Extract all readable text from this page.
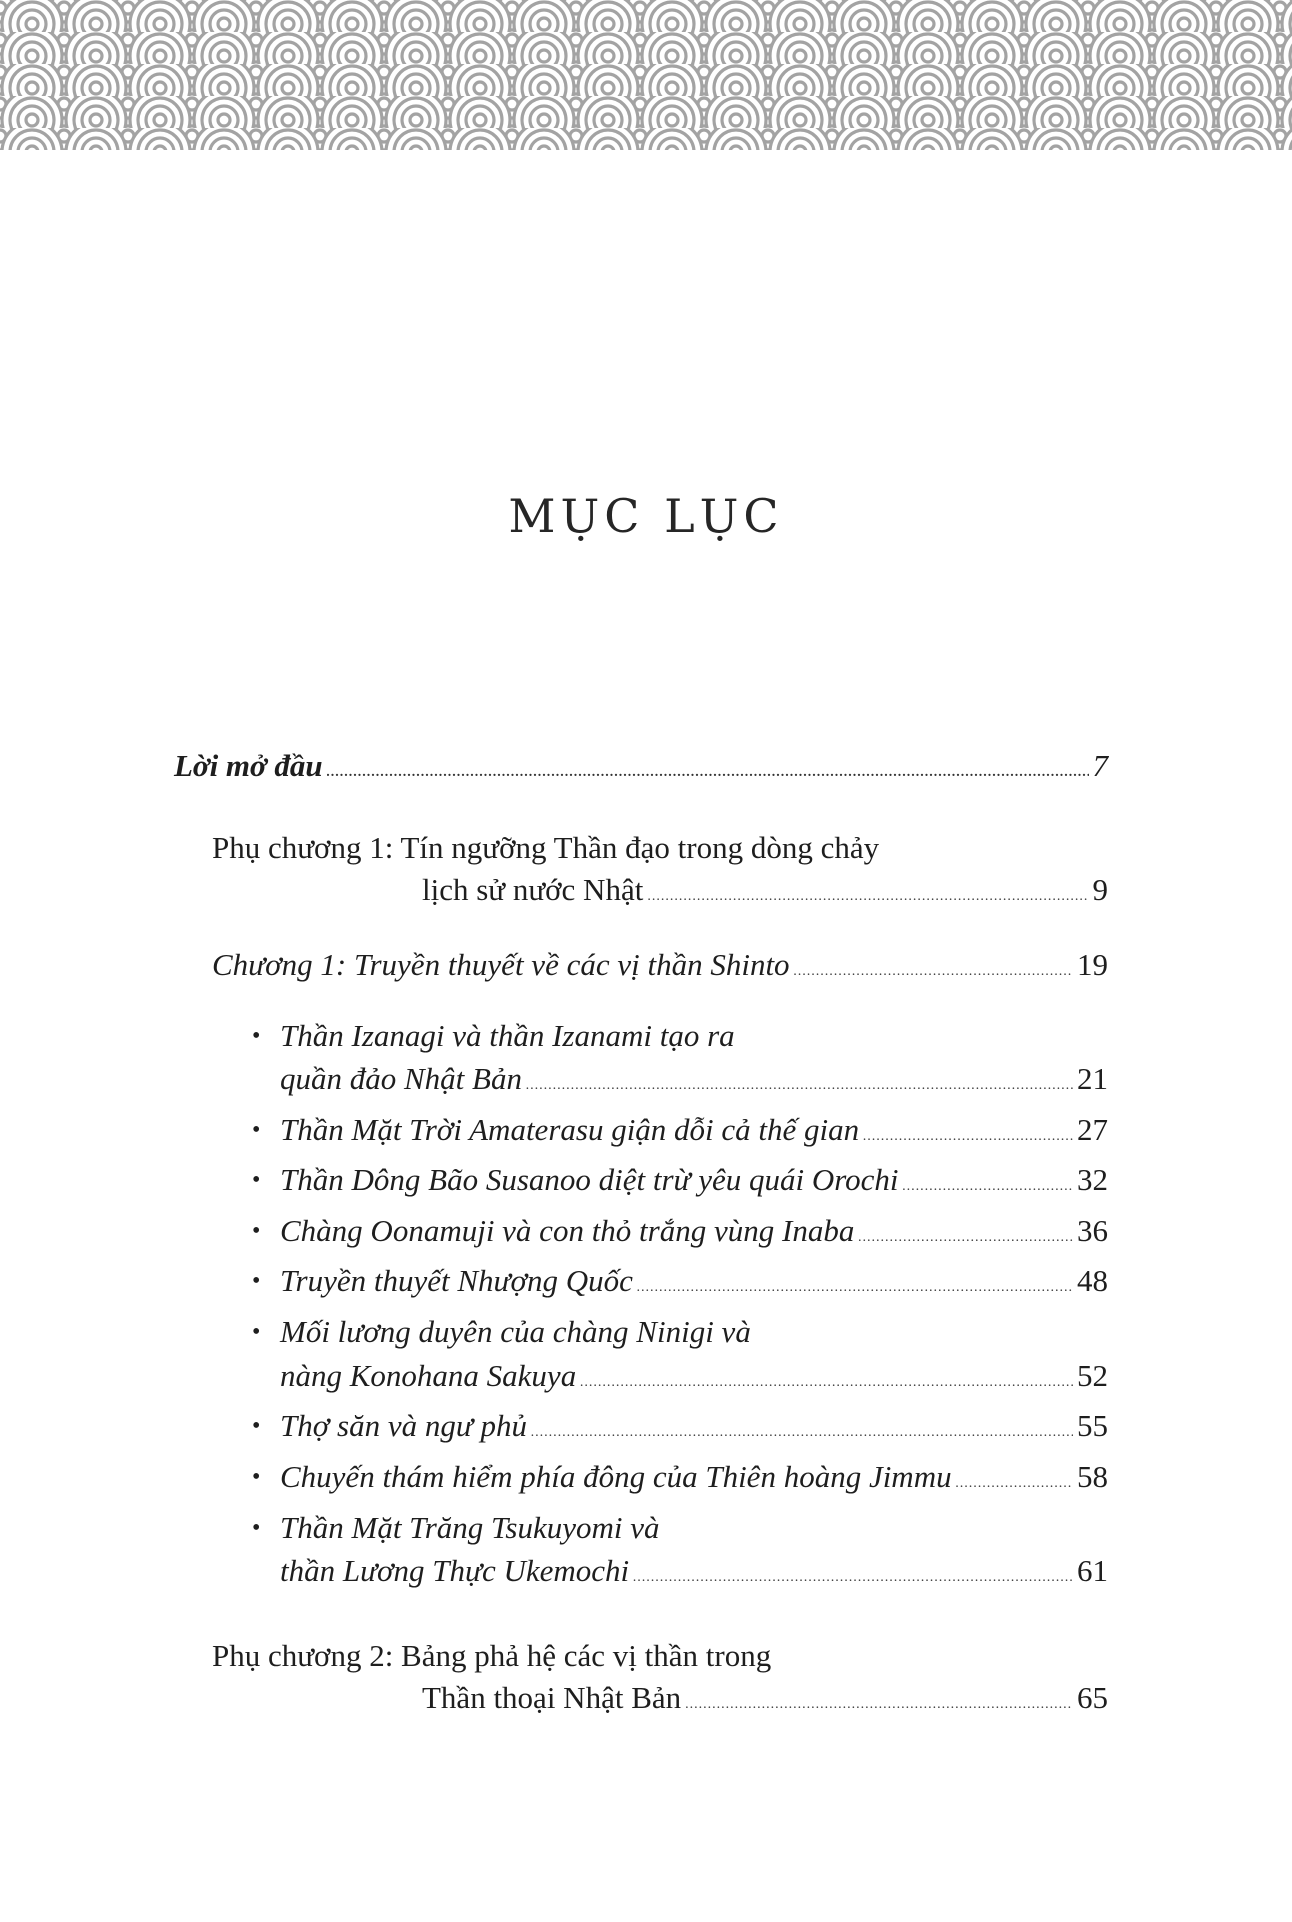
MỤC LỤC
Lời mở đầu .....	7
Phụ chương 1: Tín ngưỡng Thần đạo trong dòng chảy
lịch sử nước Nhật .....	9
Chương 1: Truyền thuyết về các vị thần Shinto .....	19
• Thần Izanagi và thần Izanami tạo ra
quần đảo Nhật Bản .....	21
• Thần Mặt Trời Amaterasu giận dỗi cả thế gian .....	27
• Thần Dông Bão Susanoo diệt trừ yêu quái Orochi .....	32
• Chàng Oonamuji và con thỏ trắng vùng Inaba .....	36
• Truyền thuyết Nhượng Quốc .....	48
• Mối lương duyên của chàng Ninigi và
nàng Konohana Sakuya .....	52
• Thợ săn và ngư phủ .....	55
• Chuyến thám hiểm phía đông của Thiên hoàng Jimmu .....	58
• Thần Mặt Trăng Tsukuyomi và
thần Lương Thực Ukemochi .....	61
Phụ chương 2: Bảng phả hệ các vị thần trong
Thần thoại Nhật Bản .....	65
